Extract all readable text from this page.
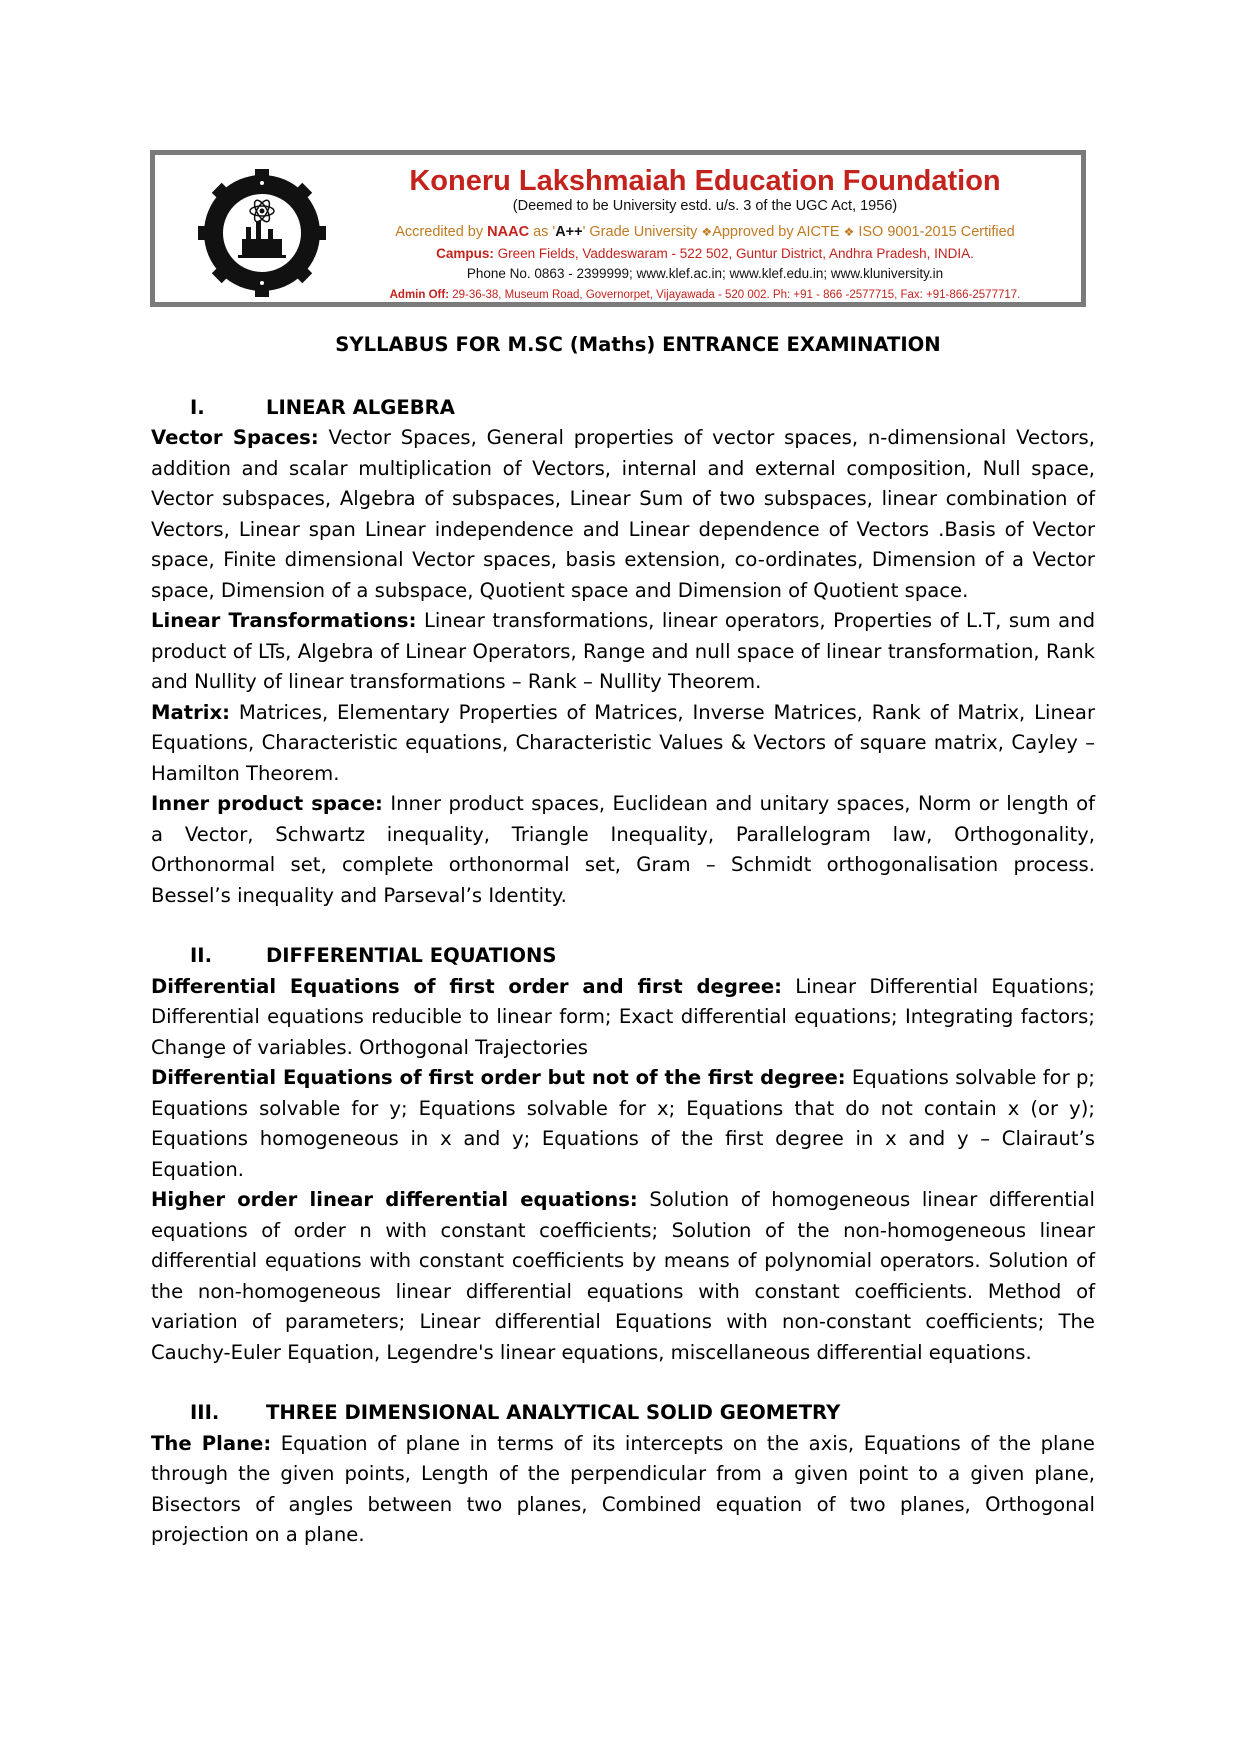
Koneru Lakshmaiah Education Foundation
(Deemed to be University estd. u/s. 3 of the UGC Act, 1956)
Accredited by NAAC as 'A++' Grade University ❖Approved by AICTE ❖ ISO 9001-2015 Certified
Campus: Green Fields, Vaddeswaram - 522 502, Guntur District, Andhra Pradesh, INDIA.
Phone No. 0863 - 2399999; www.klef.ac.in; www.klef.edu.in; www.kluniversity.in
Admin Off: 29-36-38, Museum Road, Governorpet, Vijayawada - 520 002. Ph: +91 - 866 -2577715, Fax: +91-866-2577717.
SYLLABUS FOR M.SC (Maths) ENTRANCE EXAMINATION
I.	LINEAR ALGEBRA

Vector Spaces: Vector Spaces, General properties of vector spaces, n-dimensional Vectors, addition and scalar multiplication of Vectors, internal and external composition, Null space, Vector subspaces, Algebra of subspaces, Linear Sum of two subspaces, linear combination of Vectors, Linear span Linear independence and Linear dependence of Vectors .Basis of Vector space, Finite dimensional Vector spaces, basis extension, co-ordinates, Dimension of a Vector space, Dimension of a subspace, Quotient space and Dimension of Quotient space.

Linear Transformations: Linear transformations, linear operators, Properties of L.T, sum and product of LTs, Algebra of Linear Operators, Range and null space of linear transformation, Rank and Nullity of linear transformations – Rank – Nullity Theorem.

Matrix: Matrices, Elementary Properties of Matrices, Inverse Matrices, Rank of Matrix, Linear Equations, Characteristic equations, Characteristic Values & Vectors of square matrix, Cayley – Hamilton Theorem.

Inner product space: Inner product spaces, Euclidean and unitary spaces, Norm or length of a Vector, Schwartz inequality, Triangle Inequality, Parallelogram law, Orthogonality, Orthonormal set, complete orthonormal set, Gram – Schmidt orthogonalisation process. Bessel’s inequality and Parseval’s Identity.

II.	DIFFERENTIAL EQUATIONS

Differential Equations of first order and first degree: Linear Differential Equations; Differential equations reducible to linear form; Exact differential equations; Integrating factors; Change of variables. Orthogonal Trajectories

Differential Equations of first order but not of the first degree: Equations solvable for p; Equations solvable for y; Equations solvable for x; Equations that do not contain x (or y); Equations homogeneous in x and y; Equations of the first degree in x and y – Clairaut’s Equation.

Higher order linear differential equations: Solution of homogeneous linear differential equations of order n with constant coefficients; Solution of the non-homogeneous linear differential equations with constant coefficients by means of polynomial operators. Solution of the non-homogeneous linear differential equations with constant coefficients. Method of variation of parameters; Linear differential Equations with non-constant coefficients; The Cauchy-Euler Equation, Legendre's linear equations, miscellaneous differential equations.

III.	THREE DIMENSIONAL ANALYTICAL SOLID GEOMETRY

The Plane: Equation of plane in terms of its intercepts on the axis, Equations of the plane through the given points, Length of the perpendicular from a given point to a given plane, Bisectors of angles between two planes, Combined equation of two planes, Orthogonal projection on a plane.
